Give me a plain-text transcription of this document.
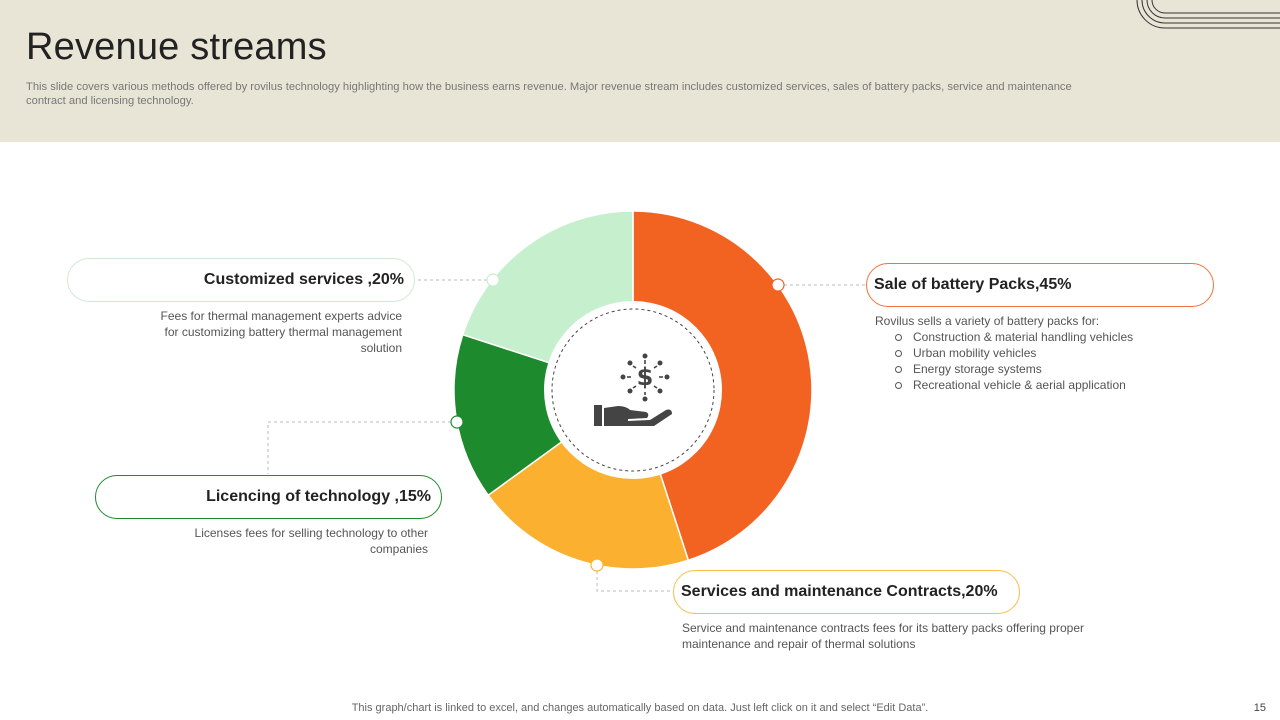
Revenue streams
This slide covers various methods offered by rovilus technology highlighting how the business earns revenue. Major revenue stream includes customized services, sales of battery packs, service and maintenance contract and licensing technology.
$
Customized services ,20%
Fees for thermal management experts advice for customizing battery thermal management solution
Sale of battery Packs,45%
Rovilus sells a variety of battery packs for:
Construction & material handling vehicles
Urban mobility vehicles
Energy storage systems
Recreational vehicle & aerial application
Licencing of technology ,15%
Licenses fees for selling technology to other companies
Services and maintenance Contracts,20%
Service and maintenance contracts fees for its battery packs offering proper maintenance and repair of thermal solutions
This graph/chart is linked to excel, and changes automatically based on data. Just left click on it and select “Edit Data”.	15
